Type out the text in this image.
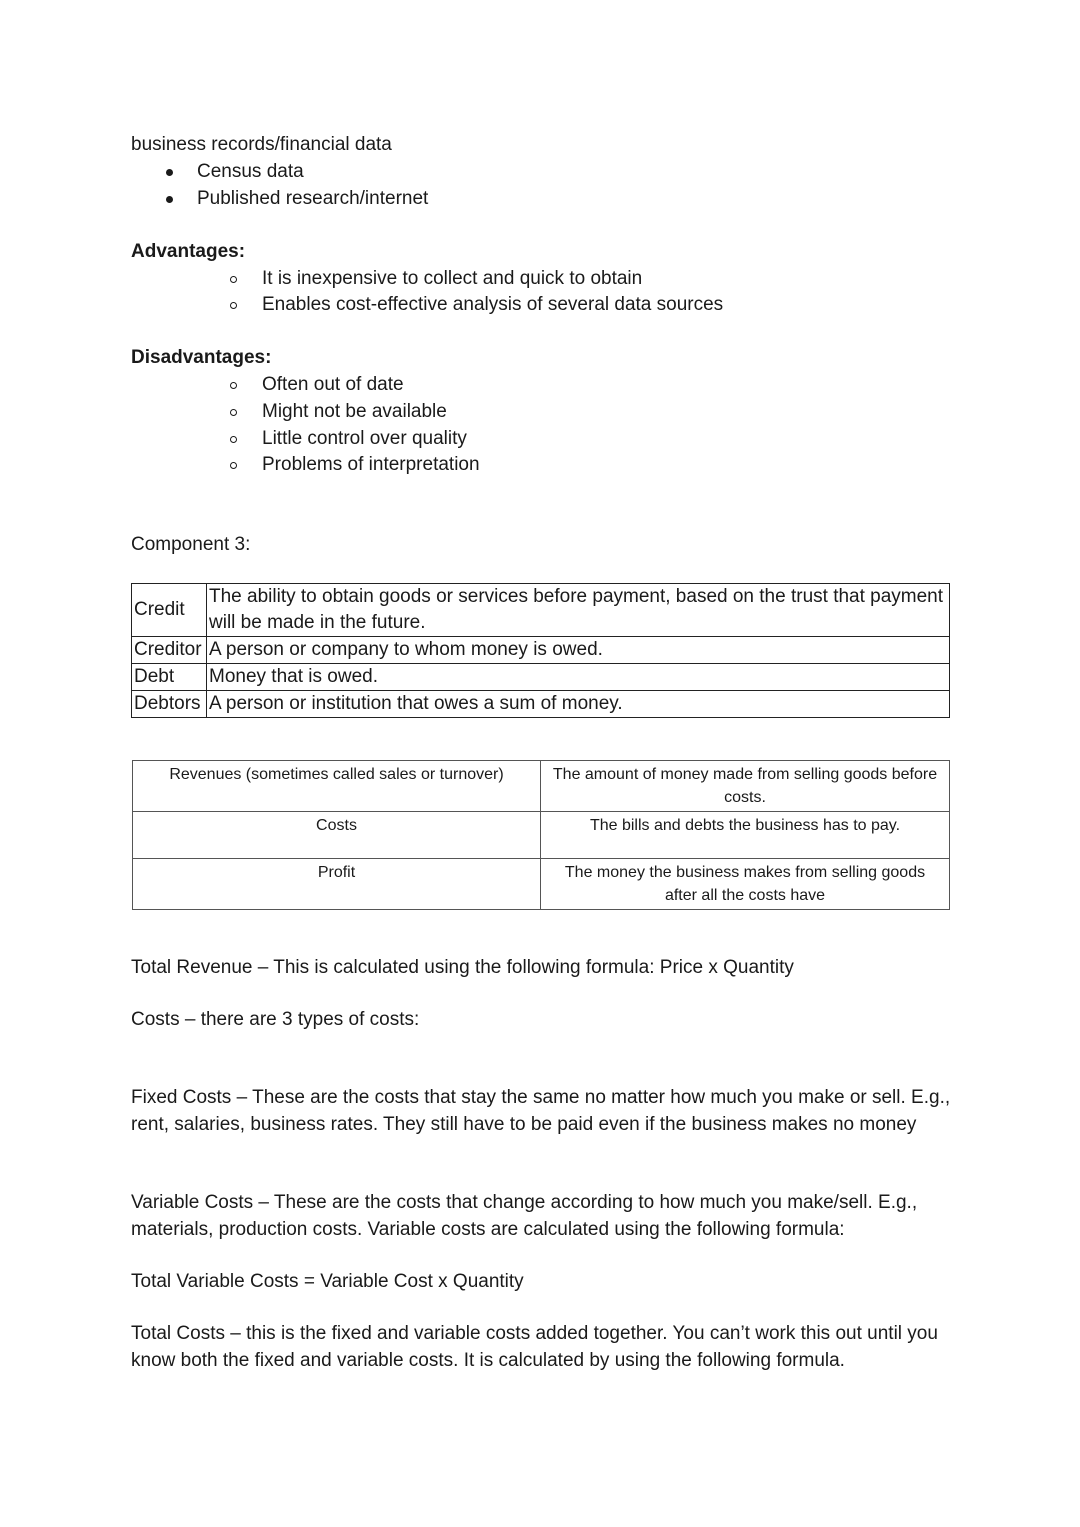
business records/financial data
Census data
Published research/internet
Advantages:
It is inexpensive to collect and quick to obtain
Enables cost-effective analysis of several data sources
Disadvantages:
Often out of date
Might not be available
Little control over quality
Problems of interpretation
Component 3:
Credit	The ability to obtain goods or services before payment, based on the trust that payment will be made in the future.
Creditor	A person or company to whom money is owed.
Debt	Money that is owed.
Debtors	A person or institution that owes a sum of money.
Revenues (sometimes called sales or turnover)	The amount of money made from selling goods before costs.
Costs	The bills and debts the business has to pay.
Profit	The money the business makes from selling goods after all the costs have
Total Revenue – This is calculated using the following formula: Price x Quantity
Costs – there are 3 types of costs:
Fixed Costs – These are the costs that stay the same no matter how much you make or sell. E.g., rent, salaries, business rates. They still have to be paid even if the business makes no money
Variable Costs – These are the costs that change according to how much you make/sell. E.g., materials, production costs. Variable costs are calculated using the following formula:
Total Variable Costs = Variable Cost x Quantity
Total Costs – this is the fixed and variable costs added together. You can’t work this out until you know both the fixed and variable costs. It is calculated by using the following formula.
